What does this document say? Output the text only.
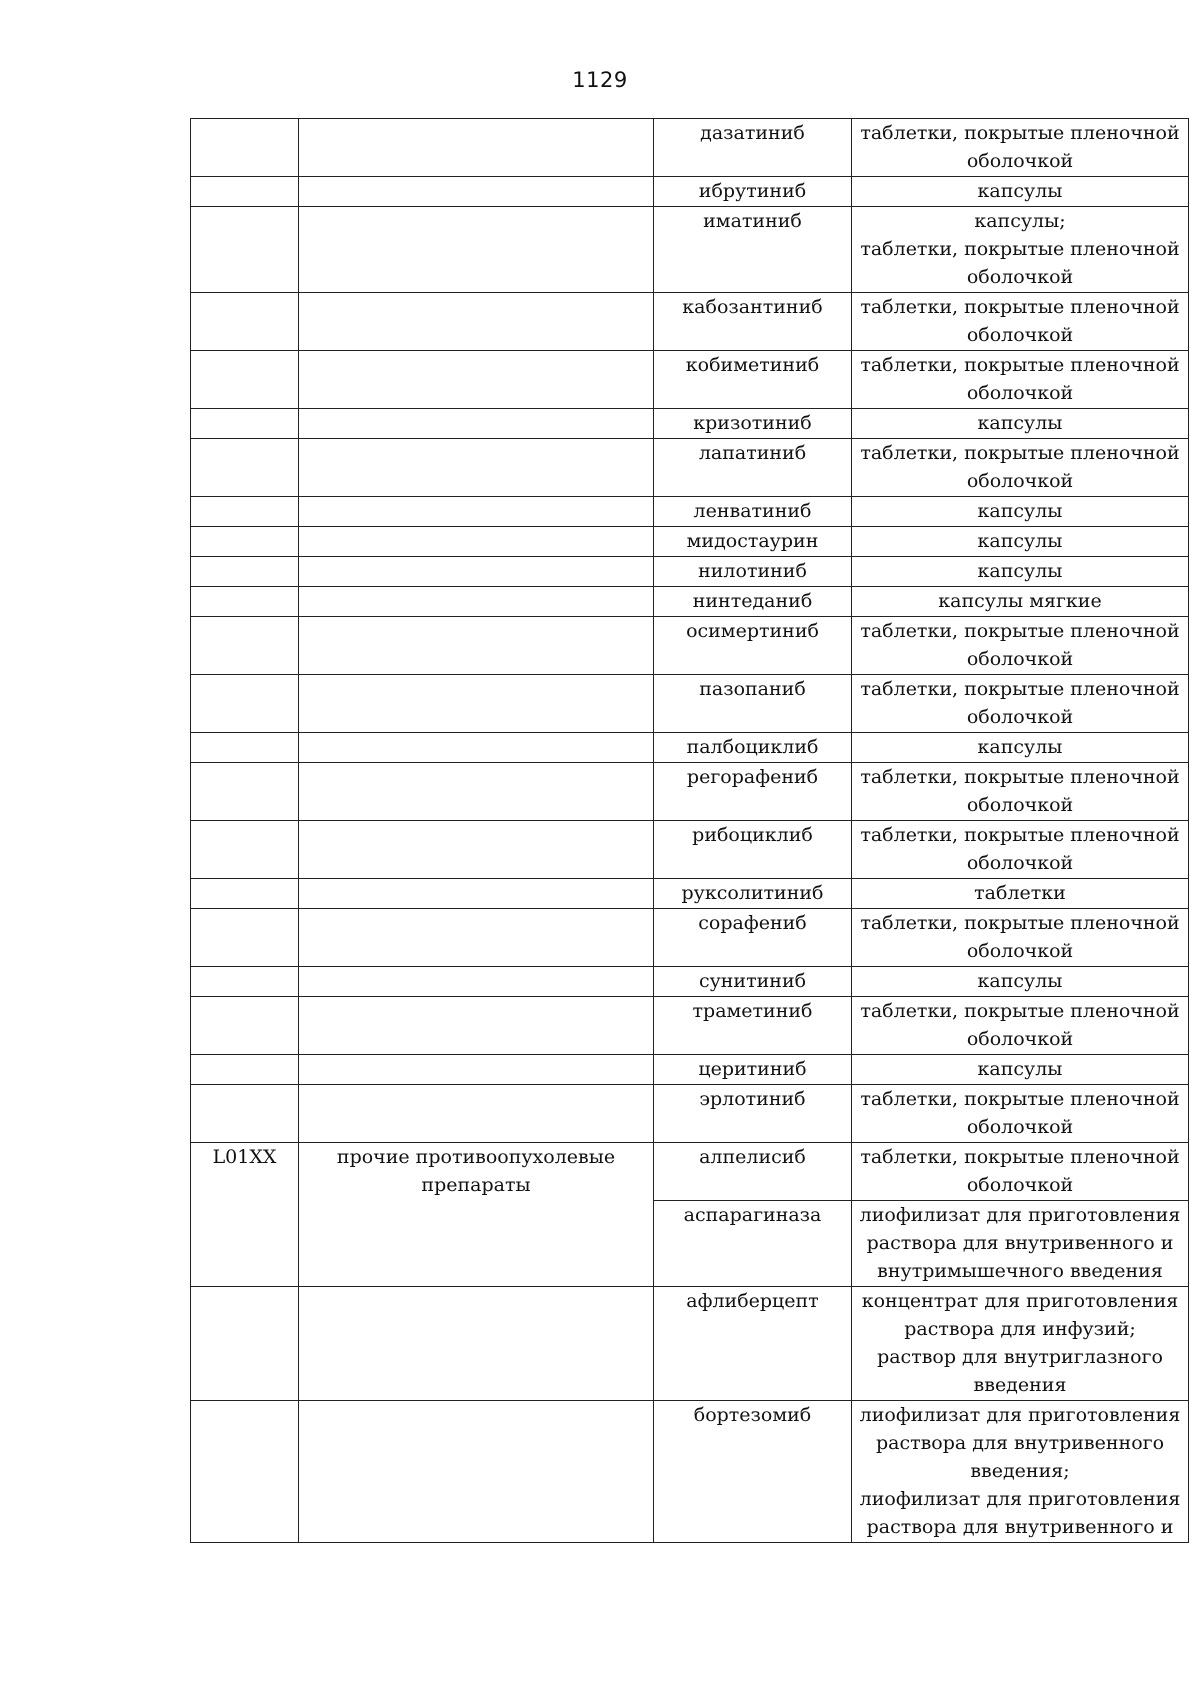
1129
		дазатиниб	таблетки, покрытые пленочной
оболочкой

		ибрутиниб	капсулы

		иматиниб	капсулы;
таблетки, покрытые пленочной
оболочкой

		кабозантиниб	таблетки, покрытые пленочной
оболочкой

		кобиметиниб	таблетки, покрытые пленочной
оболочкой

		кризотиниб	капсулы

		лапатиниб	таблетки, покрытые пленочной
оболочкой

		ленватиниб	капсулы

		мидостаурин	капсулы

		нилотиниб	капсулы

		нинтеданиб	капсулы мягкие

		осимертиниб	таблетки, покрытые пленочной
оболочкой

		пазопаниб	таблетки, покрытые пленочной
оболочкой

		палбоциклиб	капсулы

		регорафениб	таблетки, покрытые пленочной
оболочкой

		рибоциклиб	таблетки, покрытые пленочной
оболочкой

		руксолитиниб	таблетки

		сорафениб	таблетки, покрытые пленочной
оболочкой

		сунитиниб	капсулы

		траметиниб	таблетки, покрытые пленочной
оболочкой

		церитиниб	капсулы

		эрлотиниб	таблетки, покрытые пленочной
оболочкой

L01XX	прочие противоопухолевые
препараты	алпелисиб	таблетки, покрытые пленочной
оболочкой

		аспарагиназа	лиофилизат для приготовления
раствора для внутривенного и
внутримышечного введения

		афлиберцепт	концентрат для приготовления
раствора для инфузий;
раствор для внутриглазного
введения

		бортезомиб	лиофилизат для приготовления
раствора для внутривенного
введения;
лиофилизат для приготовления
раствора для внутривенного и
